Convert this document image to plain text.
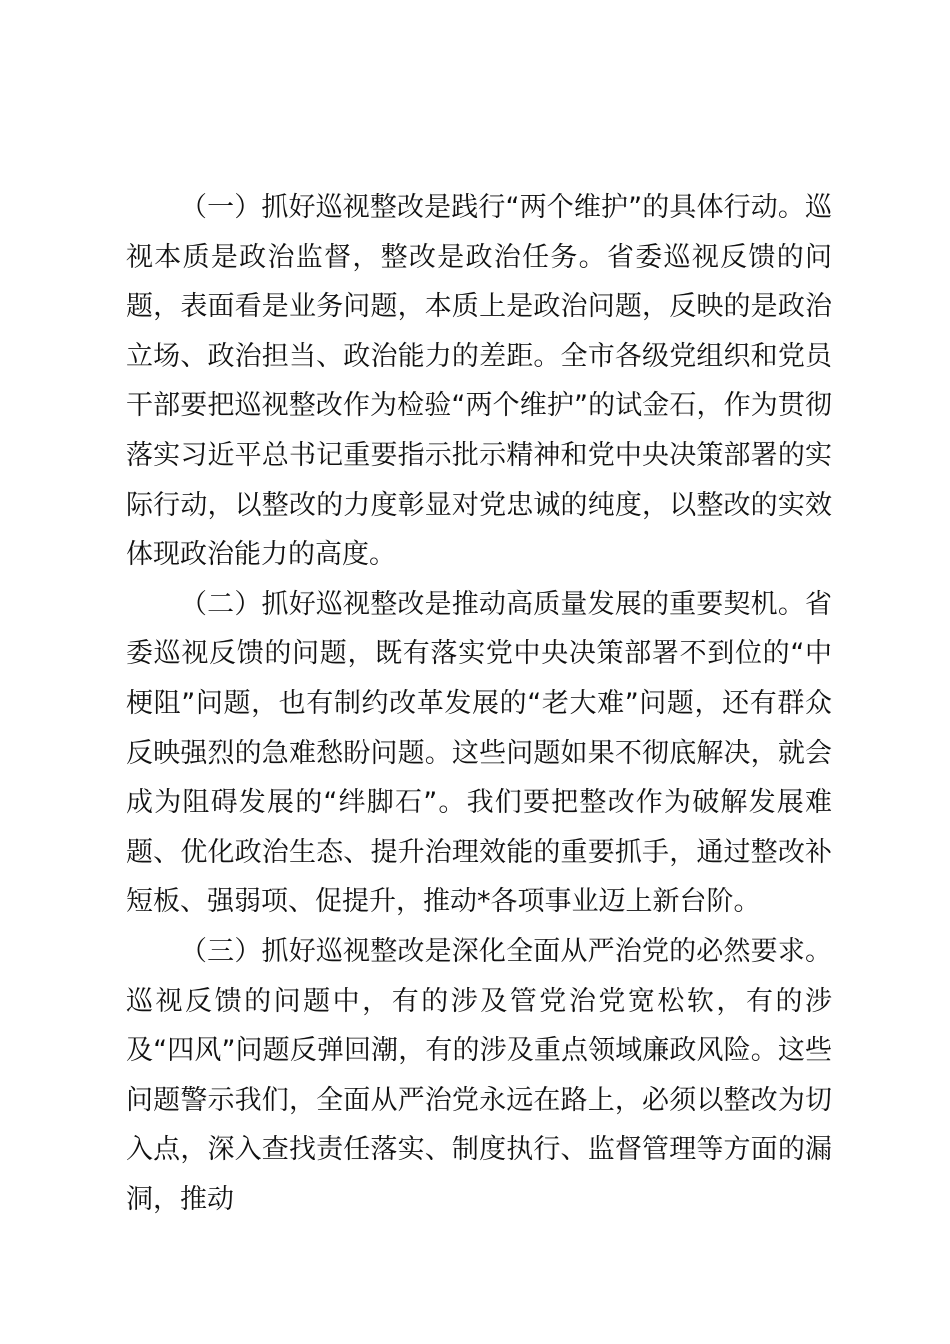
（一）抓好巡视整改是践行“两个维护”的具体行动。巡视本质是政治监督，整改是政治任务。省委巡视反馈的问题，表面看是业务问题，本质上是政治问题，反映的是政治立场、政治担当、政治能力的差距。全市各级党组织和党员干部要把巡视整改作为检验“两个维护”的试金石，作为贯彻落实习近平总书记重要指示批示精神和党中央决策部署的实际行动，以整改的力度彰显对党忠诚的纯度，以整改的实效体现政治能力的高度。

（二）抓好巡视整改是推动高质量发展的重要契机。省委巡视反馈的问题，既有落实党中央决策部署不到位的“中梗阻”问题，也有制约改革发展的“老大难”问题，还有群众反映强烈的急难愁盼问题。这些问题如果不彻底解决，就会成为阻碍发展的“绊脚石”。我们要把整改作为破解发展难题、优化政治生态、提升治理效能的重要抓手，通过整改补短板、强弱项、促提升，推动*各项事业迈上新台阶。

（三）抓好巡视整改是深化全面从严治党的必然要求。巡视反馈的问题中，有的涉及管党治党宽松软，有的涉及“四风”问题反弹回潮，有的涉及重点领域廉政风险。这些问题警示我们，全面从严治党永远在路上，必须以整改为切入点，深入查找责任落实、制度执行、监督管理等方面的漏洞，推动
